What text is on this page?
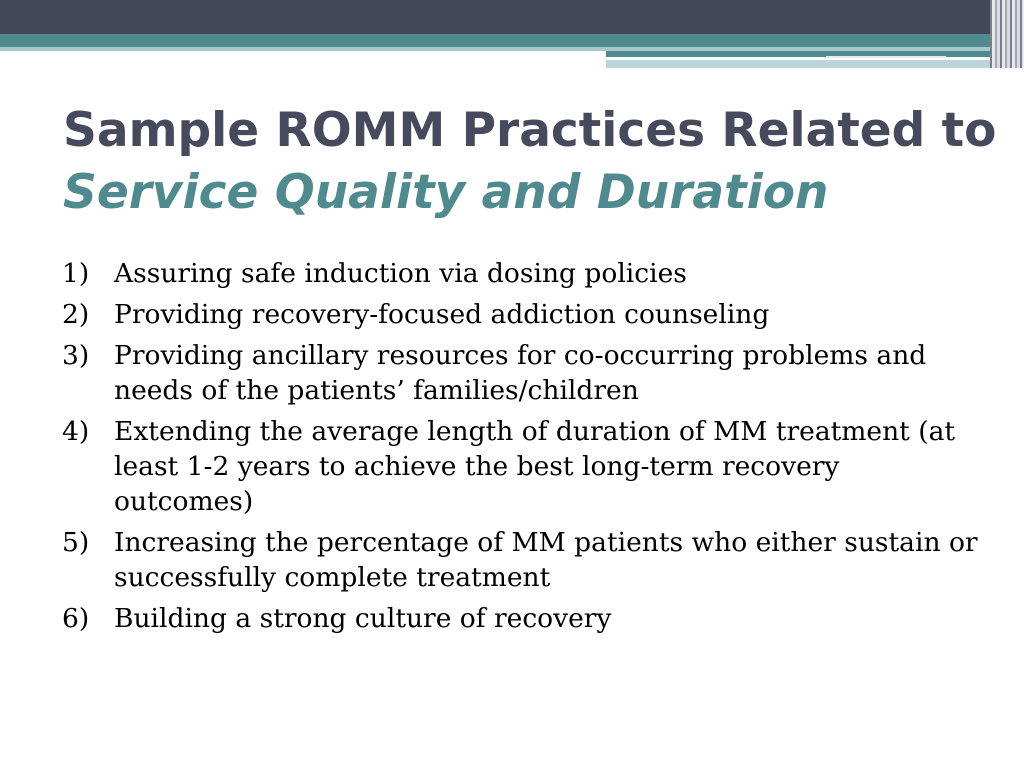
Sample ROMM Practices Related to
Service Quality and Duration
1) Assuring safe induction via dosing policies
2) Providing recovery-focused addiction counseling
3) Providing ancillary resources for co-occurring problems and needs of the patients’ families/children
4) Extending the average length of duration of MM treatment (at least 1-2 years to achieve the best long-term recovery outcomes)
5) Increasing the percentage of MM patients who either sustain or successfully complete treatment
6) Building a strong culture of recovery
